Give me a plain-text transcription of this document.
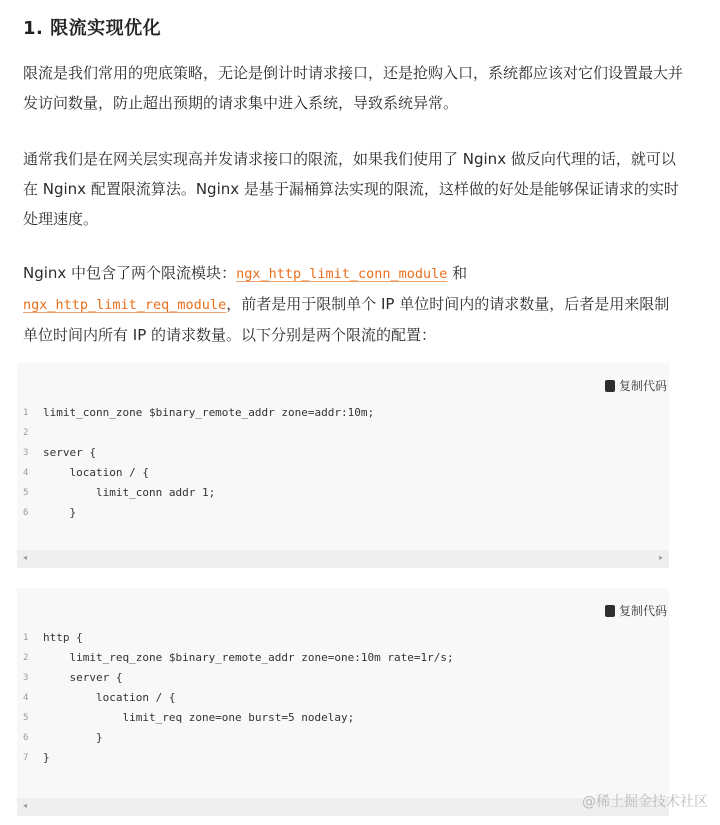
1. 限流实现优化

限流是我们常用的兜底策略，无论是倒计时请求接口，还是抢购入口，系统都应该对它们设置最大并发访问数量，防止超出预期的请求集中进入系统，导致系统异常。

通常我们是在网关层实现高并发请求接口的限流，如果我们使用了 Nginx 做反向代理的话，就可以在 Nginx 配置限流算法。Nginx 是基于漏桶算法实现的限流，这样做的好处是能够保证请求的实时处理速度。

Nginx 中包含了两个限流模块：ngx_http_limit_conn_module 和 ngx_http_limit_req_module，前者是用于限制单个 IP 单位时间内的请求数量，后者是用来限制单位时间内所有 IP 的请求数量。以下分别是两个限流的配置：

复制代码
1	limit_conn_zone $binary_remote_addr zone=addr:10m;
2
3	server {
4	location / {
5	limit_conn addr 1;
6	}
◂	▸
复制代码
1	http {
2	limit_req_zone $binary_remote_addr zone=one:10m rate=1r/s;
3	server {
4	location / {
5	limit_req zone=one burst=5 nodelay;
6	}
7	}
◂	@稀土掘金技术社区
